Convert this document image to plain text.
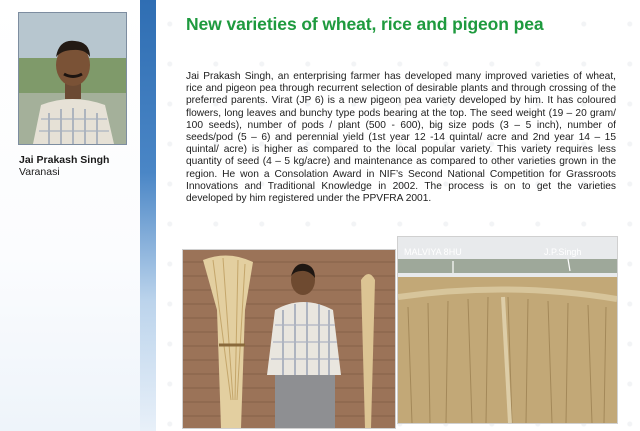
Jai Prakash Singh
Varanasi
New varieties of wheat, rice and pigeon pea
Jai Prakash Singh, an enterprising farmer has developed many improved varieties of wheat, rice and pigeon pea through recurrent selection of desirable plants and through crossing of the preferred parents. Virat (JP 6) is a new pigeon pea variety developed by him. It has coloured flowers, long leaves and bunchy type pods bearing at the top. The seed weight (19 – 20 gram/ 100 seeds), number of pods / plant (500 - 600), big size pods (3 – 5 inch), number of seeds/pod (5 – 6) and perennial yield (1st year 12 -14 quintal/ acre and 2nd year 14 – 15 quintal/ acre) is higher as compared to the local popular variety. This variety requires less quantity of seed (4 – 5 kg/acre) and maintenance as compared to other varieties grown in the region. He won a Consolation Award in NIF’s Second National Competition for Grassroots Innovations and Traditional Knowledge in 2002. The process is on to get the varieties developed by him registered under the PPVFRA 2001.
MALVIYA 8HU	J.P.Singh
